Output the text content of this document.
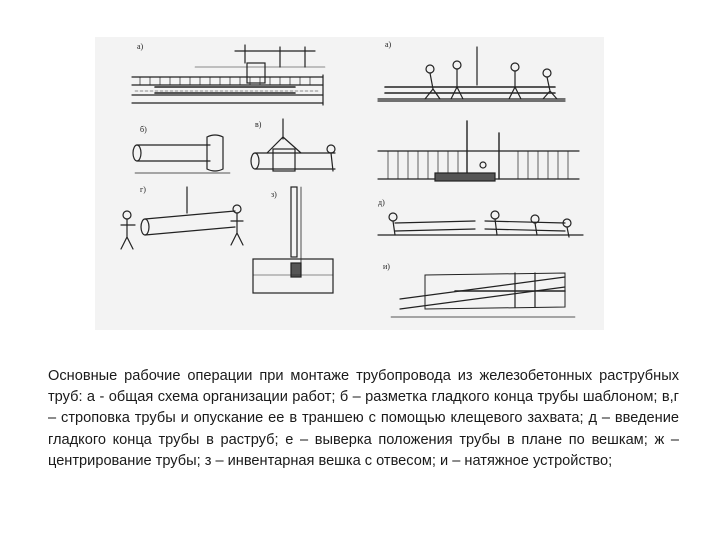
а)
б)
в)
г)
з)
а)
д)
и)
Основные рабочие операции при монтаже трубопровода из железобетонных раструбных труб: а - общая схема организации работ; б – разметка гладкого конца трубы шаблоном; в,г – строповка трубы и опускание ее в траншею с помощью клещевого захвата; д – введение гладкого конца трубы в раструб; е – выверка положения трубы в плане по вешкам; ж – центрирование трубы; з – инвентарная вешка с отвесом; и – натяжное устройство;
